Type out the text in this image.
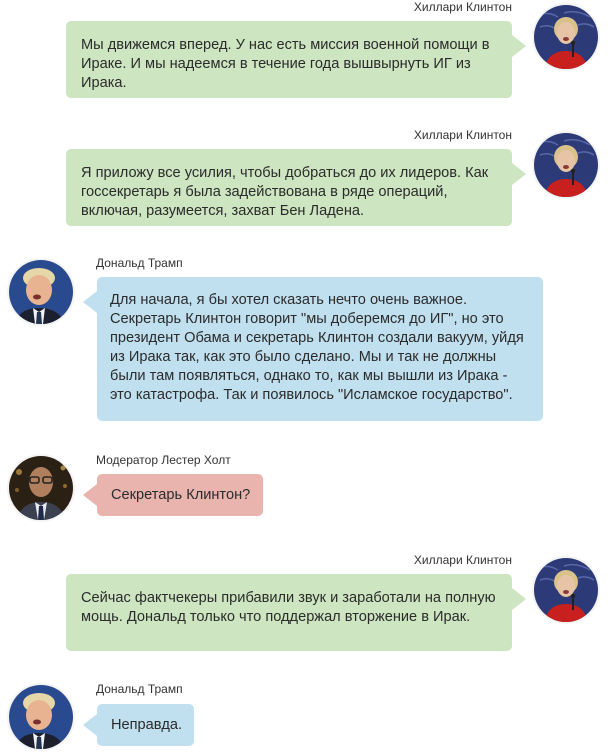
Хиллари Клинтон
Мы движемся вперед. У нас есть миссия военной помощи в Ираке. И мы надеемся в течение года вышвырнуть ИГ из Ирака.
Хиллари Клинтон
Я приложу все усилия, чтобы добраться до их лидеров. Как госсекретарь я была задействована в ряде операций, включая, разумеется, захват Бен Ладена.
Дональд Трамп
Для начала, я бы хотел сказать нечто очень важное. Секретарь Клинтон говорит "мы доберемся до ИГ", но это президент Обама и секретарь Клинтон создали вакуум, уйдя из Ирака так, как это было сделано. Мы и так не должны были там появляться, однако то, как мы вышли из Ирака - это катастрофа. Так и появилось "Исламское государство".
Модератор Лестер Холт
Секретарь Клинтон?
Хиллари Клинтон
Сейчас фактчекеры прибавили звук и заработали на полную мощь. Дональд только что поддержал вторжение в Ирак.
Дональд Трамп
Неправда.
